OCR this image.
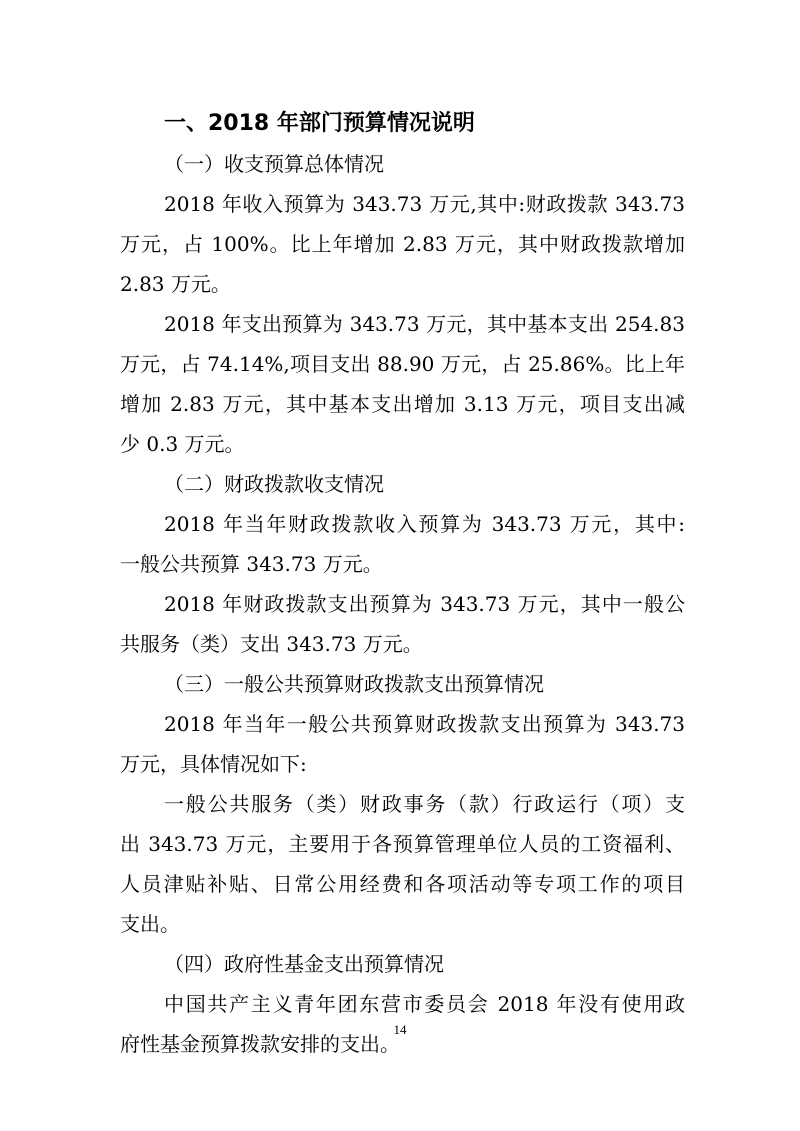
一、2018 年部门预算情况说明
（一）收支预算总体情况
2018 年收入预算为 343.73 万元,其中:财政拨款 343.73
万元，占 100%。比上年增加 2.83 万元，其中财政拨款增加
2.83 万元。
2018 年支出预算为 343.73 万元，其中基本支出 254.83
万元，占 74.14%,项目支出 88.90 万元，占 25.86%。比上年
增加 2.83 万元，其中基本支出增加 3.13 万元，项目支出减
少 0.3 万元。
（二）财政拨款收支情况
2018 年当年财政拨款收入预算为 343.73 万元，其中:
一般公共预算 343.73 万元。
2018 年财政拨款支出预算为 343.73 万元，其中一般公
共服务（类）支出 343.73 万元。
（三）一般公共预算财政拨款支出预算情况
2018 年当年一般公共预算财政拨款支出预算为 343.73
万元，具体情况如下:
一般公共服务（类）财政事务（款）行政运行（项）支
出 343.73 万元，主要用于各预算管理单位人员的工资福利、
人员津贴补贴、日常公用经费和各项活动等专项工作的项目
支出。
（四）政府性基金支出预算情况
中国共产主义青年团东营市委员会 2018 年没有使用政
府性基金预算拨款安排的支出。
14
